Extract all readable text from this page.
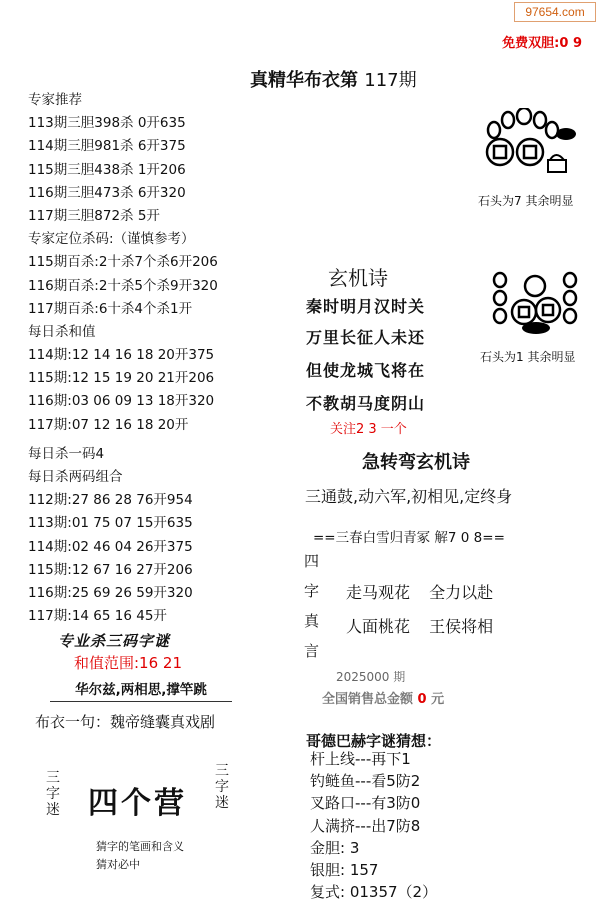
97654.com
免费双胆:0 9
真精华布衣第 117期
专家推荐
113期三胆398杀 0开635
114期三胆981杀 6开375
115期三胆438杀 1开206
116期三胆473杀 6开320
117期三胆872杀 5开
专家定位杀码:（谨慎参考）
115期百杀:2十杀7个杀6开206
116期百杀:2十杀5个杀9开320
117期百杀:6十杀4个杀1开
每日杀和值
114期:12 14 16 18 20开375
115期:12 15 19 20 21开206
116期:03 06 09 13 18开320
117期:07 12 16 18 20开
每日杀一码4
每日杀两码组合
112期:27 86 28 76开954
113期:01 75 07 15开635
114期:02 46 04 26开375
115期:12 67 16 27开206
116期:25 69 26 59开320
117期:14 65 16 45开
专业杀三码字谜
和值范围:16 21
华尔兹,两相思,撑竿跳
布衣一句：魏帝缝囊真戏剧
三
字
迷 四个营
三
字
迷
猜字的笔画和含义
猜对必中
石头为7 其余明显
石头为1 其余明显
玄机诗
秦时明月汉时关
万里长征人未还
但使龙城飞将在
不教胡马度阴山
关注2 3 一个
急转弯玄机诗
三通鼓,动六军,初相见,定终身
==三春白雪归青冢 解7 0 8==
四
字
真
言
走马观花 全力以赴
人面桃花 王侯将相
2025000 期
全国销售总金额 0 元
哥德巴赫字谜猜想：
杆上线---再下1
钓鲢鱼---看5防2
叉路口---有3防0
人满挤---出7防8
金胆: 3
银胆: 157
复式: 01357（2）
